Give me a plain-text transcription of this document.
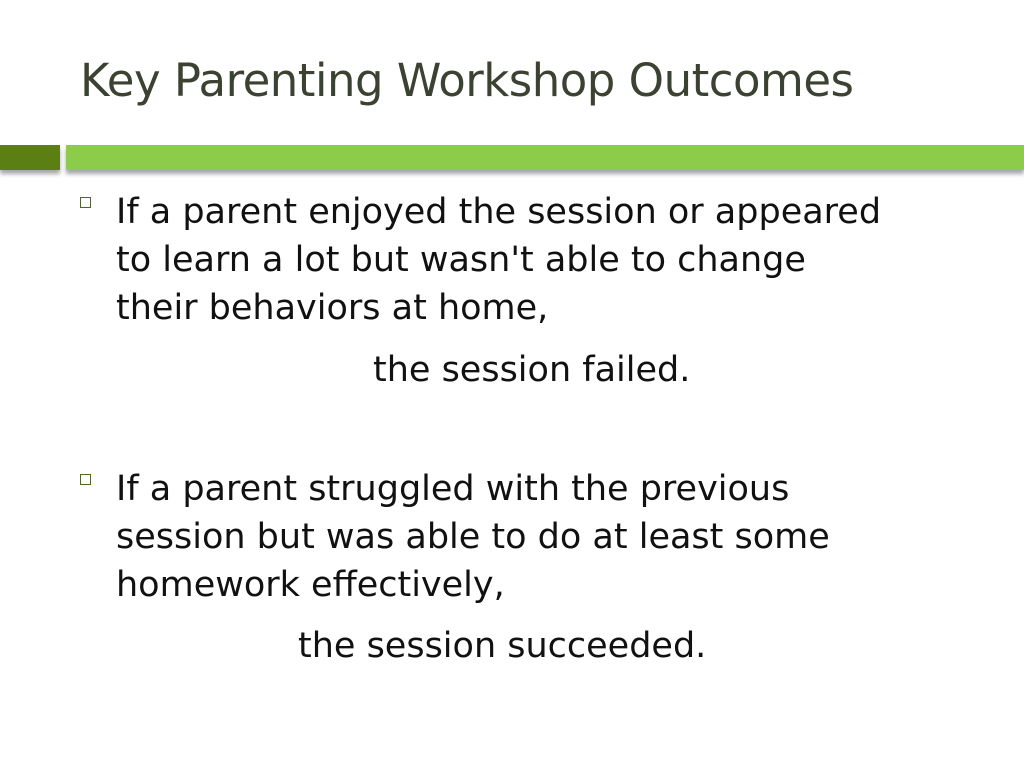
Key Parenting Workshop Outcomes
If a parent enjoyed the session or appeared
to learn a lot but wasn't able to change
their behaviors at home,
the session failed.
If a parent struggled with the previous
session but was able to do at least some
homework effectively,
the session succeeded.
